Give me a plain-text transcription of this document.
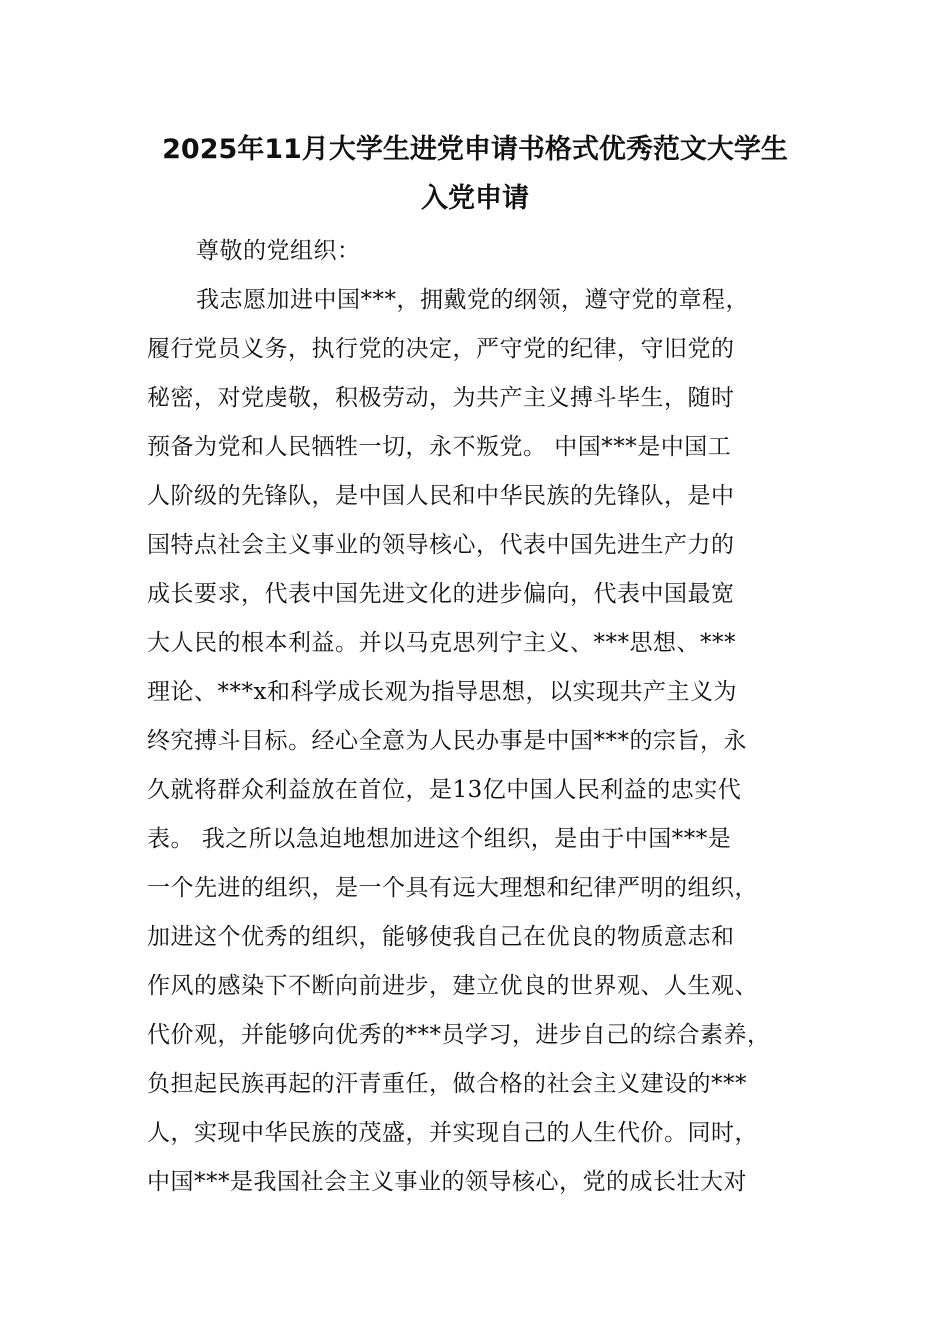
2025年11月大学生进党申请书格式优秀范文大学生
入党申请
尊敬的党组织：
我志愿加进中国***，拥戴党的纲领，遵守党的章程，
履行党员义务，执行党的决定，严守党的纪律，守旧党的
秘密，对党虔敬，积极劳动，为共产主义搏斗毕生，随时
预备为党和人民牺牲一切，永不叛党。 中国***是中国工
人阶级的先锋队，是中国人民和中华民族的先锋队，是中
国特点社会主义事业的领导核心，代表中国先进生产力的
成长要求，代表中国先进文化的进步偏向，代表中国最宽
大人民的根本利益。并以马克思列宁主义、***思想、***
理论、***x和科学成长观为指导思想，以实现共产主义为
终究搏斗目标。经心全意为人民办事是中国***的宗旨，永
久就将群众利益放在首位，是13亿中国人民利益的忠实代
表。 我之所以急迫地想加进这个组织，是由于中国***是
一个先进的组织，是一个具有远大理想和纪律严明的组织，
加进这个优秀的组织，能够使我自己在优良的物质意志和
作风的感染下不断向前进步，建立优良的世界观、人生观、
代价观，并能够向优秀的***员学习，进步自己的综合素养，
负担起民族再起的汗青重任，做合格的社会主义建设的***
人，实现中华民族的茂盛，并实现自己的人生代价。同时，
中国***是我国社会主义事业的领导核心，党的成长壮大对
